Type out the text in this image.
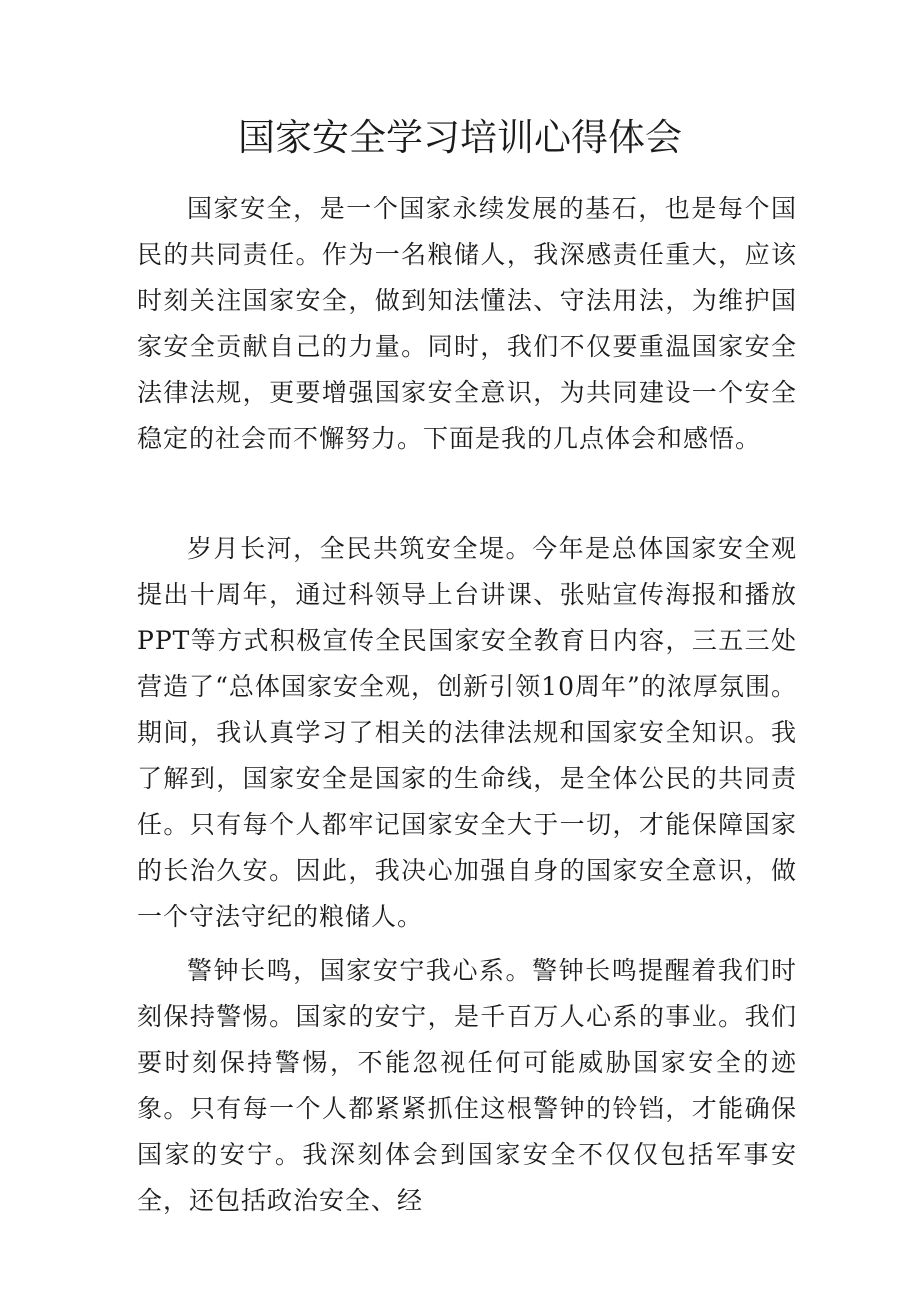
国家安全学习培训心得体会

国家安全，是一个国家永续发展的基石，也是每个国民的共同责任。作为一名粮储人，我深感责任重大，应该时刻关注国家安全，做到知法懂法、守法用法，为维护国家安全贡献自己的力量。同时，我们不仅要重温国家安全法律法规，更要增强国家安全意识，为共同建设一个安全稳定的社会而不懈努力。下面是我的几点体会和感悟。

岁月长河，全民共筑安全堤。今年是总体国家安全观提出十周年，通过科领导上台讲课、张贴宣传海报和播放PPT等方式积极宣传全民国家安全教育日内容，三五三处营造了“总体国家安全观，创新引领10周年”的浓厚氛围。期间，我认真学习了相关的法律法规和国家安全知识。我了解到，国家安全是国家的生命线，是全体公民的共同责任。只有每个人都牢记国家安全大于一切，才能保障国家的长治久安。因此，我决心加强自身的国家安全意识，做一个守法守纪的粮储人。

警钟长鸣，国家安宁我心系。警钟长鸣提醒着我们时刻保持警惕。国家的安宁，是千百万人心系的事业。我们要时刻保持警惕，不能忽视任何可能威胁国家安全的迹象。只有每一个人都紧紧抓住这根警钟的铃铛，才能确保国家的安宁。我深刻体会到国家安全不仅仅包括军事安全，还包括政治安全、经
